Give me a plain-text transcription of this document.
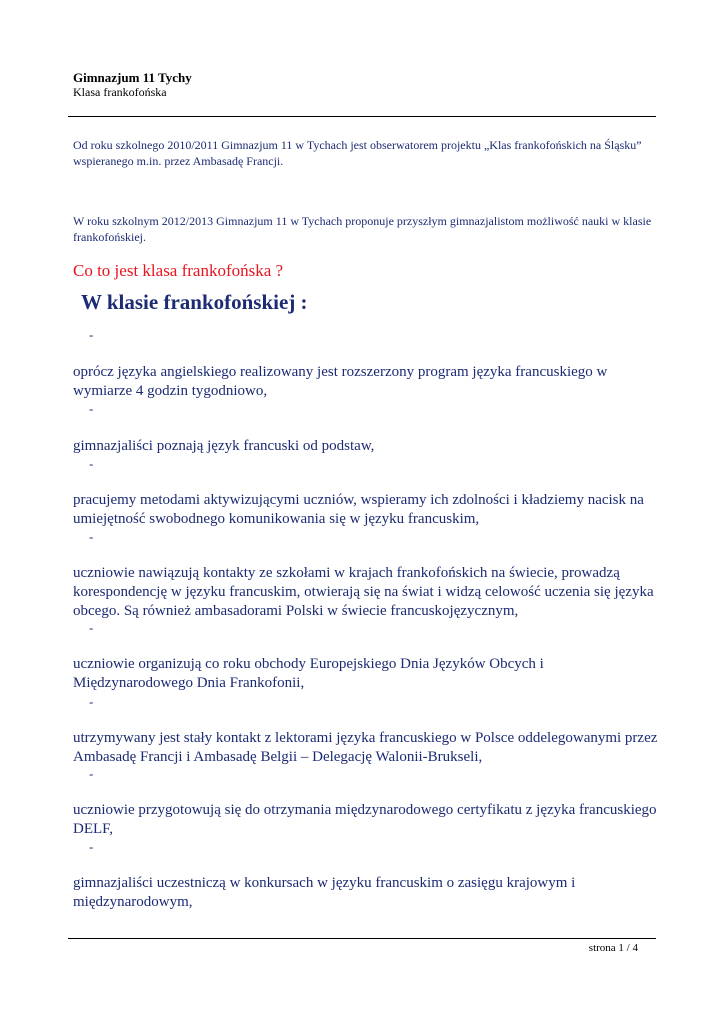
Gimnazjum 11 Tychy
Klasa frankofońska
Od roku szkolnego 2010/2011 Gimnazjum 11 w Tychach jest obserwatorem projektu „Klas frankofońskich na Śląsku” wspieranego m.in. przez Ambasadę Francji.
W roku szkolnym 2012/2013 Gimnazjum 11 w Tychach proponuje przyszłym gimnazjalistom możliwość nauki w klasie frankofońskiej.
Co to jest klasa frankofońska ?
W klasie frankofońskiej :
-
-
-
-
-
-
-
-
oprócz języka angielskiego realizowany jest rozszerzony program języka francuskiego w wymiarze 4 godzin tygodniowo,
gimnazjaliści poznają język francuski od podstaw,
pracujemy metodami aktywizującymi uczniów, wspieramy ich zdolności i kładziemy nacisk na umiejętność swobodnego komunikowania się w języku francuskim,
uczniowie nawiązują kontakty ze szkołami w krajach frankofońskich na świecie, prowadzą korespondencję w języku francuskim, otwierają się na świat i widzą celowość uczenia się języka obcego. Są również ambasadorami Polski w świecie francuskojęzycznym,
uczniowie organizują co roku obchody Europejskiego Dnia Języków Obcych i Międzynarodowego Dnia Frankofonii,
utrzymywany jest stały kontakt z lektorami języka francuskiego w Polsce oddelegowanymi przez Ambasadę Francji i Ambasadę Belgii – Delegację Walonii-Brukseli,
uczniowie przygotowują się do otrzymania międzynarodowego certyfikatu z języka francuskiego DELF,
gimnazjaliści uczestniczą w konkursach w języku francuskim o zasięgu krajowym i międzynarodowym,
strona 1 / 4
